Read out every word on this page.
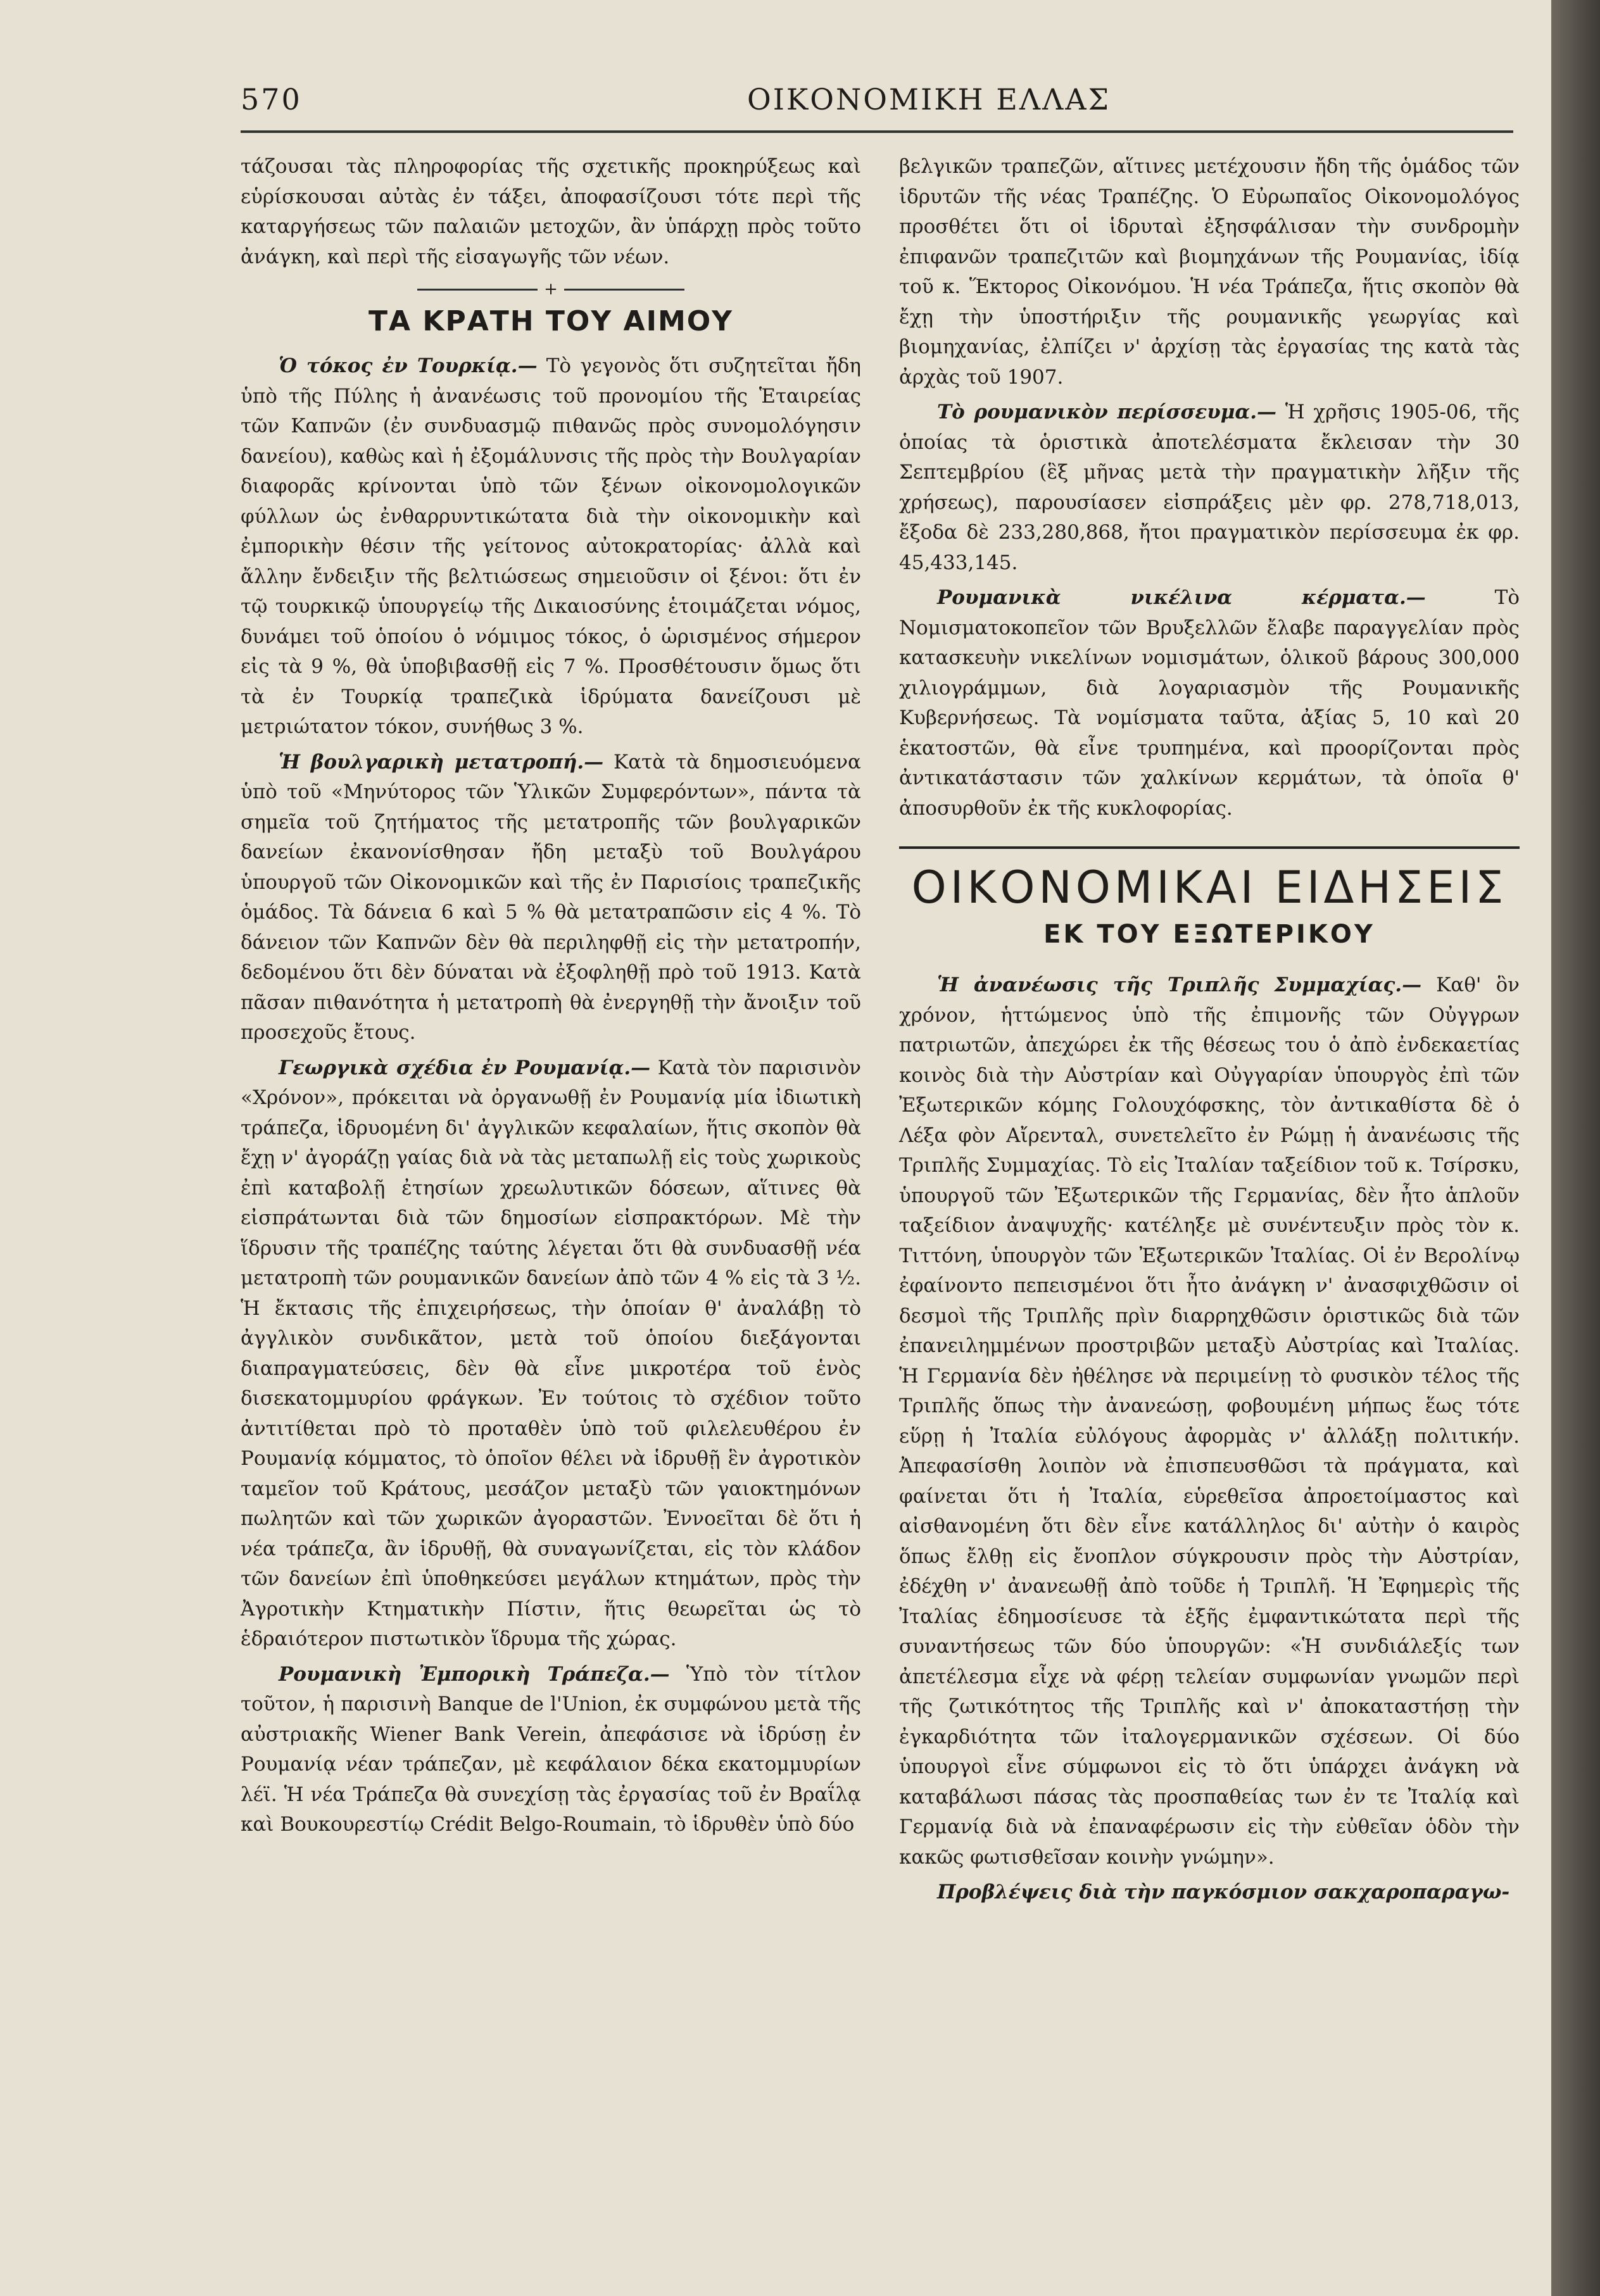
570	ΟΙΚΟΝΟΜΙΚΗ ΕΛΛΑΣ

τάζουσαι τὰς πληροφορίας τῆς σχετικῆς προκηρύξεως καὶ εὑρίσκουσαι αὐτὰς ἐν τάξει, ἀποφασίζουσι τότε περὶ τῆς καταργήσεως τῶν παλαιῶν μετοχῶν, ἂν ὑπάρχῃ πρὸς τοῦτο ἀνάγκη, καὶ περὶ τῆς εἰσαγωγῆς τῶν νέων.

+
ΤΑ ΚΡΑΤΗ ΤΟΥ ΑΙΜΟΥ

Ὁ τόκος ἐν Τουρκίᾳ.— Τὸ γεγονὸς ὅτι συζητεῖται ἤδη ὑπὸ τῆς Πύλης ἡ ἀνανέωσις τοῦ προνομίου τῆς Ἑταιρείας τῶν Καπνῶν (ἐν συνδυασμῷ πιθανῶς πρὸς συνομολόγησιν δανείου), καθὼς καὶ ἡ ἐξομάλυνσις τῆς πρὸς τὴν Βουλγαρίαν διαφορᾶς κρίνονται ὑπὸ τῶν ξένων οἰκονομολογικῶν φύλλων ὡς ἐνθαρρυντικώτατα διὰ τὴν οἰκονομικὴν καὶ ἐμπορικὴν θέσιν τῆς γείτονος αὐτοκρατορίας· ἀλλὰ καὶ ἄλλην ἔνδειξιν τῆς βελτιώσεως σημειοῦσιν οἱ ξένοι: ὅτι ἐν τῷ τουρκικῷ ὑπουργείῳ τῆς Δικαιοσύνης ἑτοιμάζεται νόμος, δυνάμει τοῦ ὁποίου ὁ νόμιμος τόκος, ὁ ὡρισμένος σήμερον εἰς τὰ 9 %, θὰ ὑποβιβασθῇ εἰς 7 %. Προσθέτουσιν ὅμως ὅτι τὰ ἐν Τουρκίᾳ τραπεζικὰ ἱδρύματα δανείζουσι μὲ μετριώτατον τόκον, συνήθως 3 %.

Ἡ βουλγαρικὴ μετατροπή.— Κατὰ τὰ δημοσιευόμενα ὑπὸ τοῦ «Μηνύτορος τῶν Ὑλικῶν Συμφερόντων», πάντα τὰ σημεῖα τοῦ ζητήματος τῆς μετατροπῆς τῶν βουλγαρικῶν δανείων ἐκανονίσθησαν ἤδη μεταξὺ τοῦ Βουλγάρου ὑπουργοῦ τῶν Οἰκονομικῶν καὶ τῆς ἐν Παρισίοις τραπεζικῆς ὁμάδος. Τὰ δάνεια 6 καὶ 5 % θὰ μετατραπῶσιν εἰς 4 %. Τὸ δάνειον τῶν Καπνῶν δὲν θὰ περιληφθῇ εἰς τὴν μετατροπήν, δεδομένου ὅτι δὲν δύναται νὰ ἐξοφληθῇ πρὸ τοῦ 1913. Κατὰ πᾶσαν πιθανότητα ἡ μετατροπὴ θὰ ἐνεργηθῇ τὴν ἄνοιξιν τοῦ προσεχοῦς ἔτους.

Γεωργικὰ σχέδια ἐν Ρουμανίᾳ.— Κατὰ τὸν παρισινὸν «Χρόνον», πρόκειται νὰ ὀργανωθῇ ἐν Ρουμανίᾳ μία ἰδιωτικὴ τράπεζα, ἱδρυομένη δι' ἀγγλικῶν κεφαλαίων, ἥτις σκοπὸν θὰ ἔχῃ ν' ἀγοράζῃ γαίας διὰ νὰ τὰς μεταπωλῇ εἰς τοὺς χωρικοὺς ἐπὶ καταβολῇ ἐτησίων χρεωλυτικῶν δόσεων, αἵτινες θὰ εἰσπράτωνται διὰ τῶν δημοσίων εἰσπρακτόρων. Μὲ τὴν ἵδρυσιν τῆς τραπέζης ταύτης λέγεται ὅτι θὰ συνδυασθῇ νέα μετατροπὴ τῶν ρουμανικῶν δανείων ἀπὸ τῶν 4 % εἰς τὰ 3 ½. Ἡ ἔκτασις τῆς ἐπιχειρήσεως, τὴν ὁποίαν θ' ἀναλάβῃ τὸ ἀγγλικὸν συνδικᾶτον, μετὰ τοῦ ὁποίου διεξάγονται διαπραγματεύσεις, δὲν θὰ εἶνε μικροτέρα τοῦ ἑνὸς δισεκατομμυρίου φράγκων. Ἐν τούτοις τὸ σχέδιον τοῦτο ἀντιτίθεται πρὸ τὸ προταθὲν ὑπὸ τοῦ φιλελευθέρου ἐν Ρουμανίᾳ κόμματος, τὸ ὁποῖον θέλει νὰ ἱδρυθῇ ἓν ἀγροτικὸν ταμεῖον τοῦ Κράτους, μεσάζον μεταξὺ τῶν γαιοκτημόνων πωλητῶν καὶ τῶν χωρικῶν ἀγοραστῶν. Ἐννοεῖται δὲ ὅτι ἡ νέα τράπεζα, ἂν ἱδρυθῇ, θὰ συναγωνίζεται, εἰς τὸν κλάδον τῶν δανείων ἐπὶ ὑποθηκεύσει μεγάλων κτημάτων, πρὸς τὴν Ἀγροτικὴν Κτηματικὴν Πίστιν, ἥτις θεωρεῖται ὡς τὸ ἑδραιότερον πιστωτικὸν ἵδρυμα τῆς χώρας.

Ρουμανικὴ Ἐμπορικὴ Τράπεζα.— Ὑπὸ τὸν τίτλον τοῦτον, ἡ παρισινὴ Banque de l'Union, ἐκ συμφώνου μετὰ τῆς αὐστριακῆς Wiener Bank Verein, ἀπεφάσισε νὰ ἱδρύσῃ ἐν Ρουμανίᾳ νέαν τράπεζαν, μὲ κεφάλαιον δέκα εκατομμυρίων λέϊ. Ἡ νέα Τράπεζα θὰ συνεχίσῃ τὰς ἐργασίας τοῦ ἐν Βραΐλᾳ καὶ Βουκουρεστίῳ Crédit Belgo-Roumain, τὸ ἱδρυθὲν ὑπὸ δύο

βελγικῶν τραπεζῶν, αἵτινες μετέχουσιν ἤδη τῆς ὁμάδος τῶν ἱδρυτῶν τῆς νέας Τραπέζης. Ὁ Εὐρωπαῖος Οἰκονομολόγος προσθέτει ὅτι οἱ ἱδρυταὶ ἐξησφάλισαν τὴν συνδρομὴν ἐπιφανῶν τραπεζιτῶν καὶ βιομηχάνων τῆς Ρουμανίας, ἰδίᾳ τοῦ κ. Ἕκτορος Οἰκονόμου. Ἡ νέα Τράπεζα, ἥτις σκοπὸν θὰ ἔχῃ τὴν ὑποστήριξιν τῆς ρουμανικῆς γεωργίας καὶ βιομηχανίας, ἐλπίζει ν' ἀρχίσῃ τὰς ἐργασίας της κατὰ τὰς ἀρχὰς τοῦ 1907.

Τὸ ρουμανικὸν περίσσευμα.— Ἡ χρῆσις 1905-06, τῆς ὁποίας τὰ ὁριστικὰ ἀποτελέσματα ἔκλεισαν τὴν 30 Σεπτεμβρίου (ἓξ μῆνας μετὰ τὴν πραγματικὴν λῆξιν τῆς χρήσεως), παρουσίασεν εἰσπράξεις μὲν φρ. 278,718,013, ἔξοδα δὲ 233,280,868, ἤτοι πραγματικὸν περίσσευμα ἐκ φρ. 45,433,145.

Ρουμανικὰ νικέλινα κέρματα.— Τὸ Νομισματοκοπεῖον τῶν Βρυξελλῶν ἔλαβε παραγγελίαν πρὸς κατασκευὴν νικελίνων νομισμάτων, ὁλικοῦ βάρους 300,000 χιλιογράμμων, διὰ λογαριασμὸν τῆς Ρουμανικῆς Κυβερνήσεως. Τὰ νομίσματα ταῦτα, ἀξίας 5, 10 καὶ 20 ἑκατοστῶν, θὰ εἶνε τρυπημένα, καὶ προορίζονται πρὸς ἀντικατάστασιν τῶν χαλκίνων κερμάτων, τὰ ὁποῖα θ' ἀποσυρθοῦν ἐκ τῆς κυκλοφορίας.

ΟΙΚΟΝΟΜΙΚΑΙ ΕΙΔΗΣΕΙΣ
ΕΚ ΤΟΥ ΕΞΩΤΕΡΙΚΟΥ

Ἡ ἀνανέωσις τῆς Τριπλῆς Συμμαχίας.— Καθ' ὃν χρόνον, ἡττώμενος ὑπὸ τῆς ἐπιμονῆς τῶν Οὐγγρων πατριωτῶν, ἀπεχώρει ἐκ τῆς θέσεως του ὁ ἀπὸ ἐνδεκαετίας κοινὸς διὰ τὴν Αὐστρίαν καὶ Οὐγγαρίαν ὑπουργὸς ἐπὶ τῶν Ἐξωτερικῶν κόμης Γολουχόφσκης, τὸν ἀντικαθίστα δὲ ὁ Λέξα φὸν Αἴρενταλ, συνετελεῖτο ἐν Ρώμῃ ἡ ἀνανέωσις τῆς Τριπλῆς Συμμαχίας. Τὸ εἰς Ἰταλίαν ταξείδιον τοῦ κ. Τσίρσκυ, ὑπουργοῦ τῶν Ἐξωτερικῶν τῆς Γερμανίας, δὲν ἦτο ἁπλοῦν ταξείδιον ἀναψυχῆς· κατέληξε μὲ συνέντευξιν πρὸς τὸν κ. Τιττόνη, ὑπουργὸν τῶν Ἐξωτερικῶν Ἰταλίας. Οἱ ἐν Βερολίνῳ ἐφαίνοντο πεπεισμένοι ὅτι ἦτο ἀνάγκη ν' ἀνασφιχθῶσιν οἱ δεσμοὶ τῆς Τριπλῆς πρὶν διαρρηχθῶσιν ὁριστικῶς διὰ τῶν ἐπανειλημμένων προστριβῶν μεταξὺ Αὐστρίας καὶ Ἰταλίας. Ἡ Γερμανία δὲν ἠθέλησε νὰ περιμείνῃ τὸ φυσικὸν τέλος τῆς Τριπλῆς ὅπως τὴν ἀνανεώσῃ, φοβουμένη μήπως ἕως τότε εὕρῃ ἡ Ἰταλία εὐλόγους ἀφορμὰς ν' ἀλλάξῃ πολιτικήν. Ἀπεφασίσθη λοιπὸν νὰ ἐπισπευσθῶσι τὰ πράγματα, καὶ φαίνεται ὅτι ἡ Ἰταλία, εὑρεθεῖσα ἀπροετοίμαστος καὶ αἰσθανομένη ὅτι δὲν εἶνε κατάλληλος δι' αὐτὴν ὁ καιρὸς ὅπως ἔλθῃ εἰς ἔνοπλον σύγκρουσιν πρὸς τὴν Αὐστρίαν, ἐδέχθη ν' ἀνανεωθῇ ἀπὸ τοῦδε ἡ Τριπλῆ. Ἡ Ἐφημερὶς τῆς Ἰταλίας ἐδημοσίευσε τὰ ἑξῆς ἐμφαντικώτατα περὶ τῆς συναντήσεως τῶν δύο ὑπουργῶν: «Ἡ συνδιάλεξίς των ἀπετέλεσμα εἶχε νὰ φέρῃ τελείαν συμφωνίαν γνωμῶν περὶ τῆς ζωτικότητος τῆς Τριπλῆς καὶ ν' ἀποκαταστήσῃ τὴν ἐγκαρδιότητα τῶν ἰταλογερμανικῶν σχέσεων. Οἱ δύο ὑπουργοὶ εἶνε σύμφωνοι εἰς τὸ ὅτι ὑπάρχει ἀνάγκη νὰ καταβάλωσι πάσας τὰς προσπαθείας των ἐν τε Ἰταλίᾳ καὶ Γερμανίᾳ διὰ νὰ ἐπαναφέρωσιν εἰς τὴν εὐθεῖαν ὁδὸν τὴν κακῶς φωτισθεῖσαν κοινὴν γνώμην».

Προβλέψεις διὰ τὴν παγκόσμιον σακχαροπαραγω-
